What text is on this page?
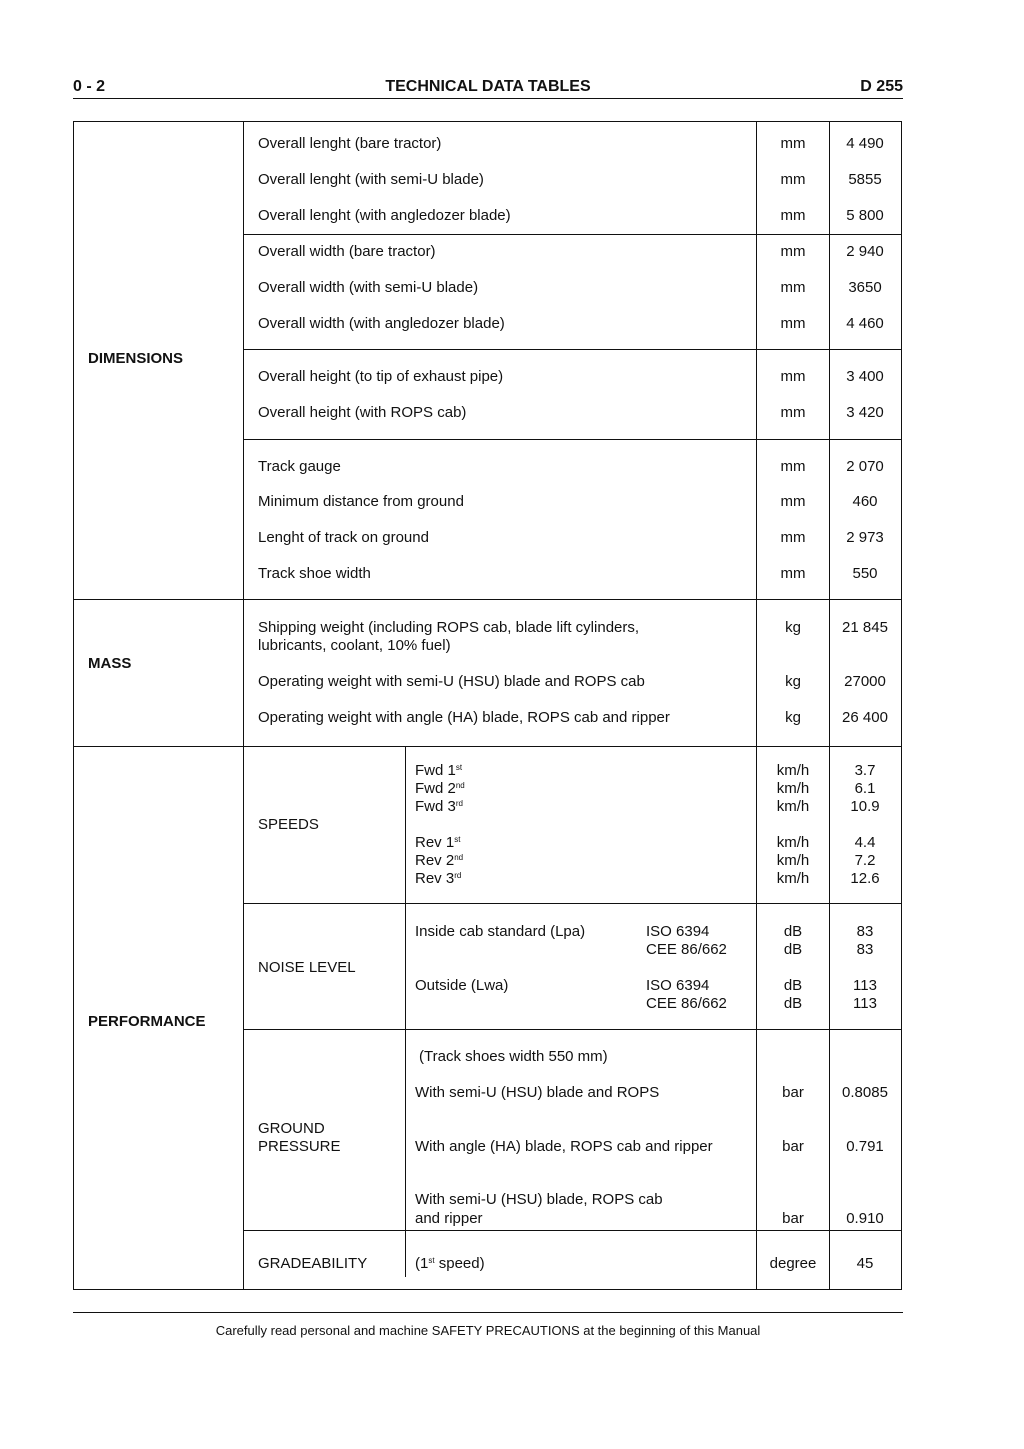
0 - 2	TECHNICAL DATA TABLES	D 255
DIMENSIONS
MASS
PERFORMANCE
Overall lenght (bare tractor)	mm	4 490
Overall lenght (with semi-U blade)	mm	5855
Overall lenght (with angledozer blade)	mm	5 800
Overall width (bare tractor)	mm	2 940
Overall width (with semi-U blade)	mm	3650
Overall width (with angledozer blade)	mm	4 460
Overall height (to tip of exhaust pipe)	mm	3 400
Overall height (with ROPS cab)	mm	3 420
Track gauge	mm	2 070
Minimum distance from ground	mm	460
Lenght of track on ground	mm	2 973
Track shoe width	mm	550
Shipping weight (including ROPS cab, blade lift cylinders,
lubricants, coolant, 10% fuel)
kg	21 845
Operating weight with semi-U (HSU) blade and ROPS cab	kg	27000
Operating weight with angle (HA) blade, ROPS cab and ripper	kg	26 400
SPEEDS
Fwd 1st	km/h	3.7
Fwd 2nd	km/h	6.1
Fwd 3rd	km/h	10.9
Rev 1st	km/h	4.4
Rev 2nd	km/h	7.2
Rev 3rd	km/h	12.6
NOISE LEVEL
Inside cab standard (Lpa)	ISO 6394	dB	83
CEE 86/662	dB	83
Outside (Lwa)	ISO 6394	dB	113
CEE 86/662	dB	113
GROUND
PRESSURE
(Track shoes width 550 mm)
With semi-U (HSU) blade and ROPS	bar	0.8085
With angle (HA) blade, ROPS cab and ripper	bar	0.791
With semi-U (HSU) blade, ROPS cab
and ripper	bar	0.910
GRADEABILITY	(1st speed)	degree	45
Carefully read personal and machine SAFETY PRECAUTIONS at the beginning of this Manual
